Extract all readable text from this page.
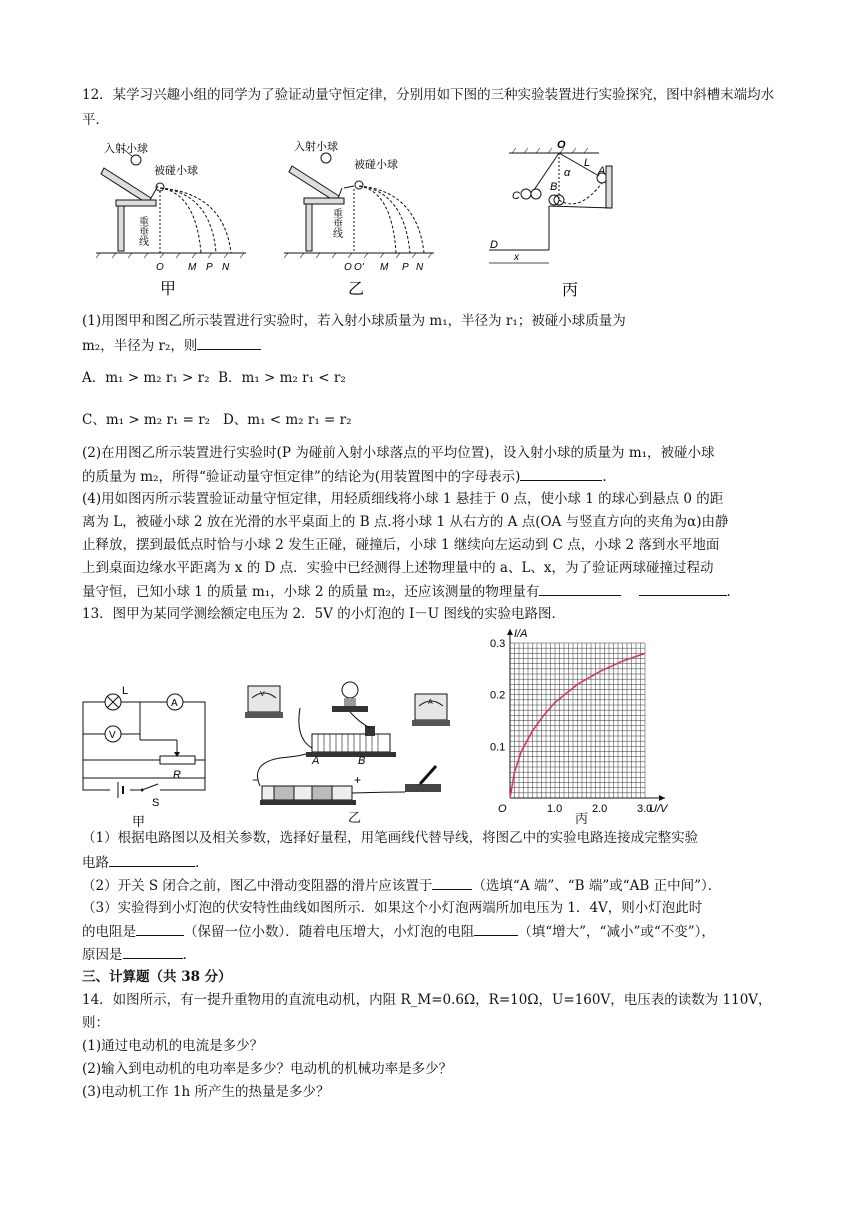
12．某学习兴趣小组的同学为了验证动量守恒定律，分别用如下图的三种实验装置进行实验探究，图中斜槽末端均水平．
入射小球
被碰小球
重垂线
O M P N
甲
入射小球
被碰小球
重垂线
O O' M P N
乙
O
L
α	A
C
B
D
x
丙
(1)用图甲和图乙所示装置进行实验时，若入射小球质量为 m₁，半径为 r₁；被碰小球质量为
m₂，半径为 r₂，则
A．m₁ > m₂ r₁ > r₂ B．m₁ > m₂ r₁ < r₂
C、m₁ > m₂ r₁ = r₂ D、m₁ < m₂ r₁ = r₂
(2)在用图乙所示装置进行实验时(P 为碰前入射小球落点的平均位置)，设入射小球的质量为 m₁，被碰小球
的质量为 m₂，所得“验证动量守恒定律”的结论为(用装置图中的字母表示)	.
(4)用如图丙所示装置验证动量守恒定律，用轻质细线将小球 1 悬挂于 0 点，使小球 1 的球心到悬点 0 的距
离为 L，被碰小球 2 放在光滑的水平桌面上的 B 点.将小球 1 从右方的 A 点(OA 与竖直方向的夹角为α)由静
止释放，摆到最低点时恰与小球 2 发生正碰，碰撞后，小球 1 继续向左运动到 C 点，小球 2 落到水平地面
上到桌面边缘水平距离为 x 的 D 点．实验中已经测得上述物理量中的 a、L、x，为了验证两球碰撞过程动
量守恒，已知小球 1 的质量 m₁，小球 2 的质量 m₂，还应该测量的物理量有	.
13．图甲为某同学测绘额定电压为 2．5V 的小灯泡的 I－U 图线的实验电路图．
L
A
V
R
S
甲
V
A
A	B
−	+
乙
I/A
U/V
O
0.3
0.2
0.1
1.0	2.0	3.0
丙
（1）根据电路图以及相关参数，选择好量程，用笔画线代替导线，将图乙中的实验电路连接成完整实验
电路	.
（2）开关 S 闭合之前，图乙中滑动变阻器的滑片应该置于	（选填“A 端”、“B 端”或“AB 正中间”）．
（3）实验得到小灯泡的伏安特性曲线如图所示．如果这个小灯泡两端所加电压为 1．4V，则小灯泡此时
的电阻是	（保留一位小数）．随着电压增大，小灯泡的电阻	（填“增大”，“减小”或“不变”），
原因是	.
三、计算题（共 38 分）
14．如图所示，有一提升重物用的直流电动机，内阻 R_M=0.6Ω，R=10Ω，U=160V，电压表的读数为 110V，
则：
(1)通过电动机的电流是多少？
(2)输入到电动机的电功率是多少？电动机的机械功率是多少？
(3)电动机工作 1h 所产生的热量是多少？
